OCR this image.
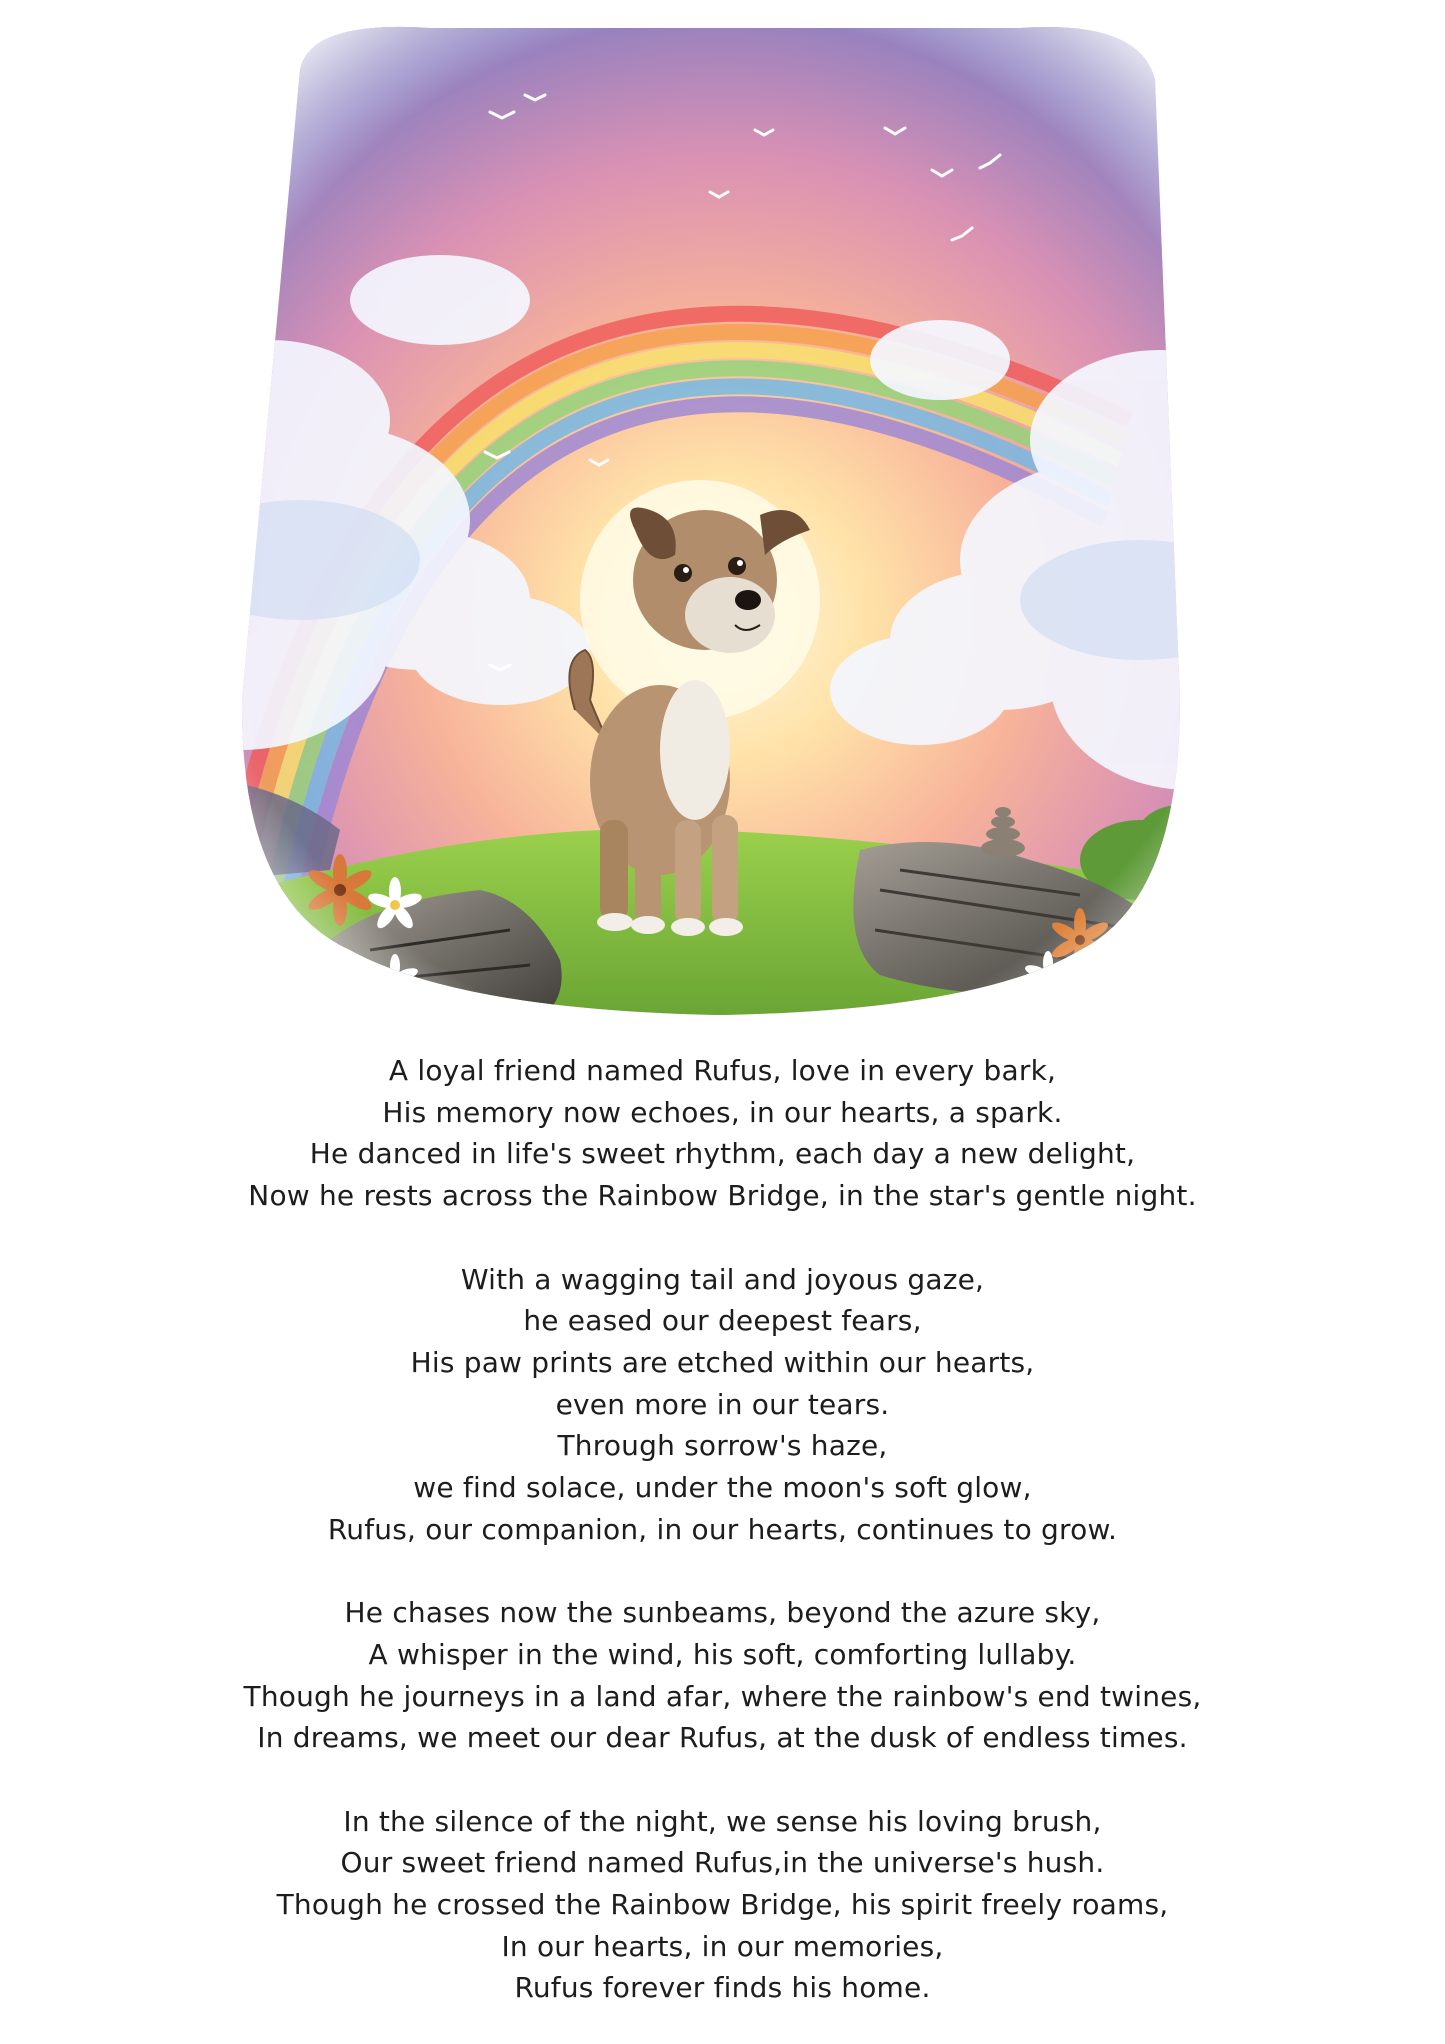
A loyal friend named Rufus, love in every bark,
His memory now echoes, in our hearts, a spark.
He danced in life's sweet rhythm, each day a new delight,
Now he rests across the Rainbow Bridge, in the star's gentle night.
With a wagging tail and joyous gaze,
he eased our deepest fears,
His paw prints are etched within our hearts,
even more in our tears.
Through sorrow's haze,
we find solace, under the moon's soft glow,
Rufus, our companion, in our hearts, continues to grow.
He chases now the sunbeams, beyond the azure sky,
A whisper in the wind, his soft, comforting lullaby.
Though he journeys in a land afar, where the rainbow's end twines,
In dreams, we meet our dear Rufus, at the dusk of endless times.
In the silence of the night, we sense his loving brush,
Our sweet friend named Rufus,in the universe's hush.
Though he crossed the Rainbow Bridge, his spirit freely roams,
In our hearts, in our memories,
Rufus forever finds his home.
